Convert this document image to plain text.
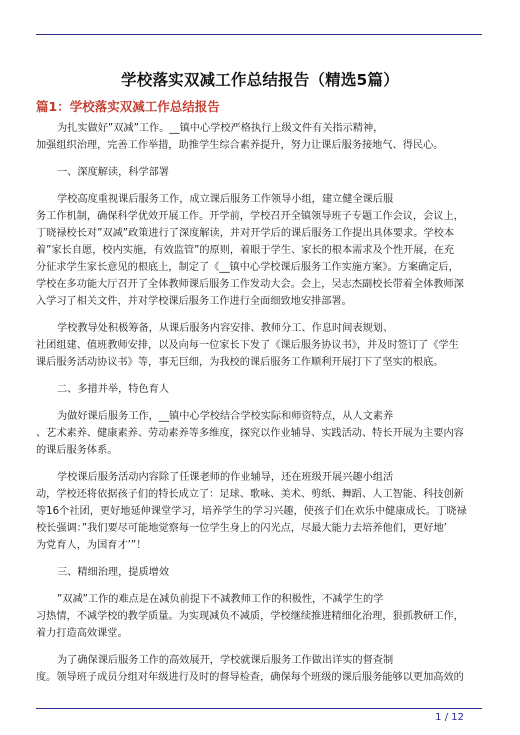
学校落实双减工作总结报告（精选5篇）
篇1：学校落实双减工作总结报告
为扎实做好”双减”工作。__镇中心学校严格执行上级文件有关指示精神，
加强组织治理，完善工作举措，助推学生综合素养提升，努力让课后服务接地气、得民心。
一、深度解读，科学部署
学校高度重视课后服务工作，成立课后服务工作领导小组，建立健全课后服
务工作机制，确保科学优效开展工作。开学前，学校召开全镇领导班子专题工作会议，会议上，
丁晓禄校长对”双减”政策进行了深度解读，并对开学后的课后服务工作提出具体要求。学校本
着”家长自愿，校内实施，有效监管”的原则，着眼于学生、家长的根本需求及个性开展，在充
分征求学生家长意见的根底上，制定了《__镇中心学校课后服务工作实施方案》。方案确定后，
学校在多功能大厅召开了全体教师课后服务工作发动大会。会上，吴志杰副校长带着全体教师深
入学习了相关文件，并对学校课后服务工作进行全面细致地安排部署。
学校教导处积极筹备，从课后服务内容安排、教师分工、作息时间表规划、
社团组建、值班教师安排，以及向每一位家长下发了《课后服务协议书》，并及时签订了《学生
课后服务活动协议书》等，事无巨细，为我校的课后服务工作顺利开展打下了坚实的根底。
二、多措并举，特色育人
为做好课后服务工作，__镇中心学校结合学校实际和师资特点，从人文素养
、艺术素养、健康素养、劳动素养等多维度，探究以作业辅导、实践活动、特长开展为主要内容
的课后服务体系。
学校课后服务活动内容除了任课老师的作业辅导，还在班级开展兴趣小组活
动，学校还将依据孩子们的特长成立了：足球、歌咏、美术、剪纸、舞蹈、人工智能、科技创新
等16个社团，更好地延伸课堂学习，培养学生的学习兴趣，使孩子们在欢乐中健康成长。丁晓禄
校长强调：”我们要尽可能地觉察每一位学生身上的闪光点，尽最大能力去培养他们，更好地’
为党育人，为国育才’”！
三、精细治理，提质增效
”双减”工作的难点是在减负前提下不减教师工作的积极性，不减学生的学
习热情，不减学校的教学质量。为实现减负不减质，学校继续推进精细化治理，狠抓教研工作，
着力打造高效课堂。
为了确保课后服务工作的高效展开，学校就课后服务工作做出详实的督查制
度。领导班子成员分组对年级进行及时的督导检查，确保每个班级的课后服务能够以更加高效的
1 / 12
